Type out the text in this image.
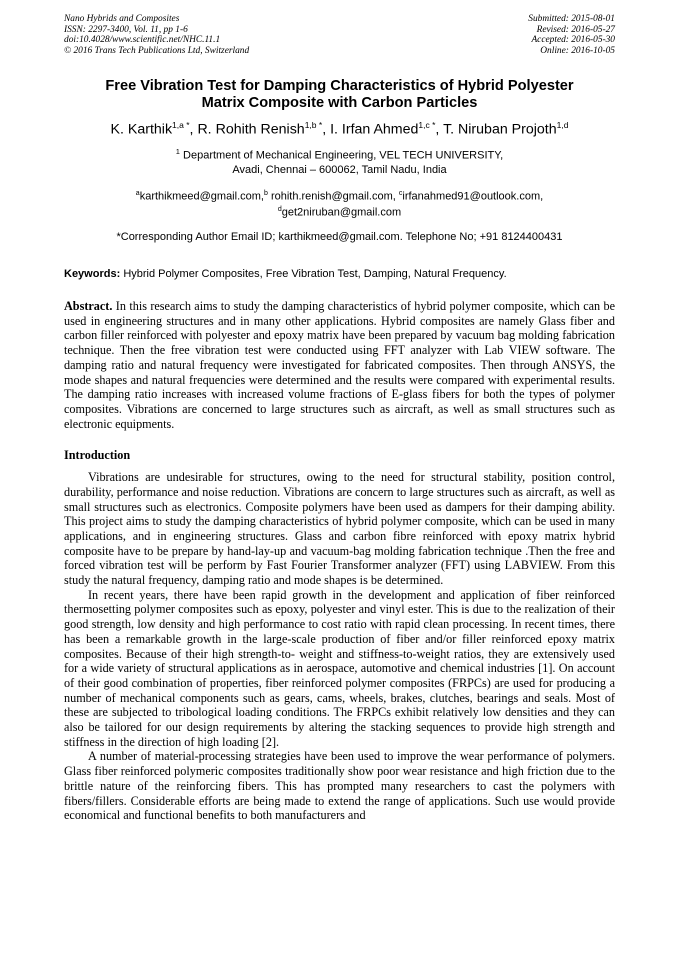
Nano Hybrids and Composites
ISSN: 2297-3400, Vol. 11, pp 1-6
doi:10.4028/www.scientific.net/NHC.11.1
© 2016 Trans Tech Publications Ltd, Switzerland
Submitted: 2015-08-01
Revised: 2016-05-27
Accepted: 2016-05-30
Online: 2016-10-05
Free Vibration Test for Damping Characteristics of Hybrid Polyester
Matrix Composite with Carbon Particles
K. Karthik$^{1,a *}$, R. Rohith Renish$^{1,b *}$, I. Irfan Ahmed$^{1,c *}$, T. Niruban Projoth$^{1,d}$
$^1$ Department of Mechanical Engineering, VEL TECH UNIVERSITY,
Avadi, Chennai – 600062, Tamil Nadu, India
$^a$karthikmeed@gmail.com,$^b$ rohith.renish@gmail.com, $^c$irfanahmed91@outlook.com,
$^d$get2niruban@gmail.com
*Corresponding Author Email ID; karthikmeed@gmail.com. Telephone No; +91 8124400431
Keywords: Hybrid Polymer Composites, Free Vibration Test, Damping, Natural Frequency.

Abstract. In this research aims to study the damping characteristics of hybrid polymer composite, which can be used in engineering structures and in many other applications. Hybrid composites are namely Glass fiber and carbon filler reinforced with polyester and epoxy matrix have been prepared by vacuum bag molding fabrication technique. Then the free vibration test were conducted using FFT analyzer with Lab VIEW software. The damping ratio and natural frequency were investigated for fabricated composites. Then through ANSYS, the mode shapes and natural frequencies were determined and the results were compared with experimental results. The damping ratio increases with increased volume fractions of E-glass fibers for both the types of polymer composites. Vibrations are concerned to large structures such as aircraft, as well as small structures such as electronic equipments.

Introduction

Vibrations are undesirable for structures, owing to the need for structural stability, position control, durability, performance and noise reduction. Vibrations are concern to large structures such as aircraft, as well as small structures such as electronics. Composite polymers have been used as dampers for their damping ability. This project aims to study the damping characteristics of hybrid polymer composite, which can be used in many applications, and in engineering structures. Glass and carbon fibre reinforced with epoxy matrix hybrid composite have to be prepare by hand-lay-up and vacuum-bag molding fabrication technique .Then the free and forced vibration test will be perform by Fast Fourier Transformer analyzer (FFT) using LABVIEW. From this study the natural frequency, damping ratio and mode shapes is be determined.

In recent years, there have been rapid growth in the development and application of fiber reinforced thermosetting polymer composites such as epoxy, polyester and vinyl ester. This is due to the realization of their good strength, low density and high performance to cost ratio with rapid clean processing. In recent times, there has been a remarkable growth in the large-scale production of fiber and/or filler reinforced epoxy matrix composites. Because of their high strength-to- weight and stiffness-to-weight ratios, they are extensively used for a wide variety of structural applications as in aerospace, automotive and chemical industries [1]. On account of their good combination of properties, fiber reinforced polymer composites (FRPCs) are used for producing a number of mechanical components such as gears, cams, wheels, brakes, clutches, bearings and seals. Most of these are subjected to tribological loading conditions. The FRPCs exhibit relatively low densities and they can also be tailored for our design requirements by altering the stacking sequences to provide high strength and stiffness in the direction of high loading [2].

A number of material-processing strategies have been used to improve the wear performance of polymers. Glass fiber reinforced polymeric composites traditionally show poor wear resistance and high friction due to the brittle nature of the reinforcing fibers. This has prompted many researchers to cast the polymers with fibers/fillers. Considerable efforts are being made to extend the range of applications. Such use would provide economical and functional benefits to both manufacturers and
